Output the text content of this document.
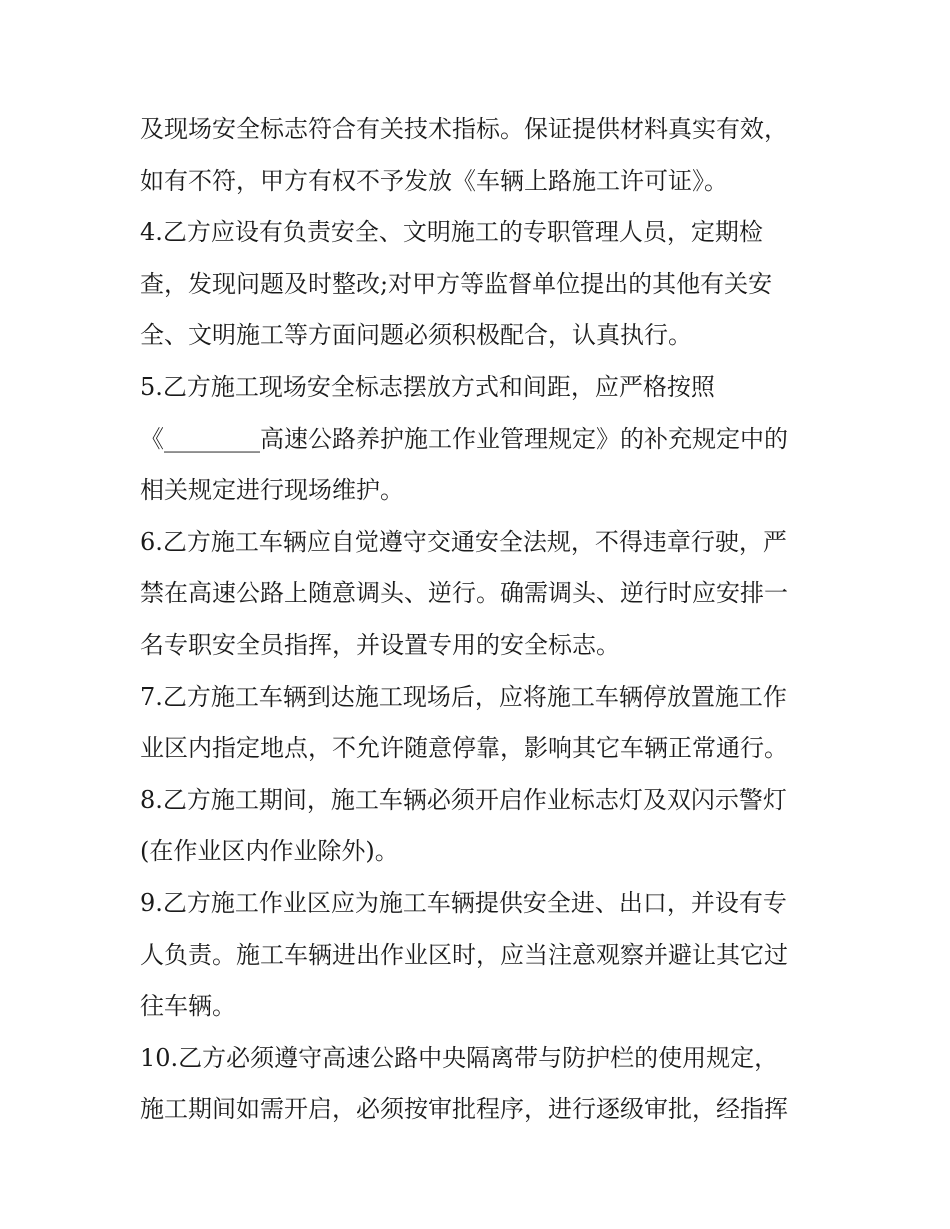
及现场安全标志符合有关技术指标。保证提供材料真实有效，
如有不符，甲方有权不予发放《车辆上路施工许可证》。
4.乙方应设有负责安全、文明施工的专职管理人员，定期检
查，发现问题及时整改;对甲方等监督单位提出的其他有关安
全、文明施工等方面问题必须积极配合，认真执行。
5.乙方施工现场安全标志摆放方式和间距，应严格按照
《________高速公路养护施工作业管理规定》的补充规定中的
相关规定进行现场维护。
6.乙方施工车辆应自觉遵守交通安全法规，不得违章行驶，严
禁在高速公路上随意调头、逆行。确需调头、逆行时应安排一
名专职安全员指挥，并设置专用的安全标志。
7.乙方施工车辆到达施工现场后，应将施工车辆停放置施工作
业区内指定地点，不允许随意停靠，影响其它车辆正常通行。
8.乙方施工期间，施工车辆必须开启作业标志灯及双闪示警灯
(在作业区内作业除外)。
9.乙方施工作业区应为施工车辆提供安全进、出口，并设有专
人负责。施工车辆进出作业区时，应当注意观察并避让其它过
往车辆。
10.乙方必须遵守高速公路中央隔离带与防护栏的使用规定，
施工期间如需开启，必须按审批程序，进行逐级审批，经指挥
